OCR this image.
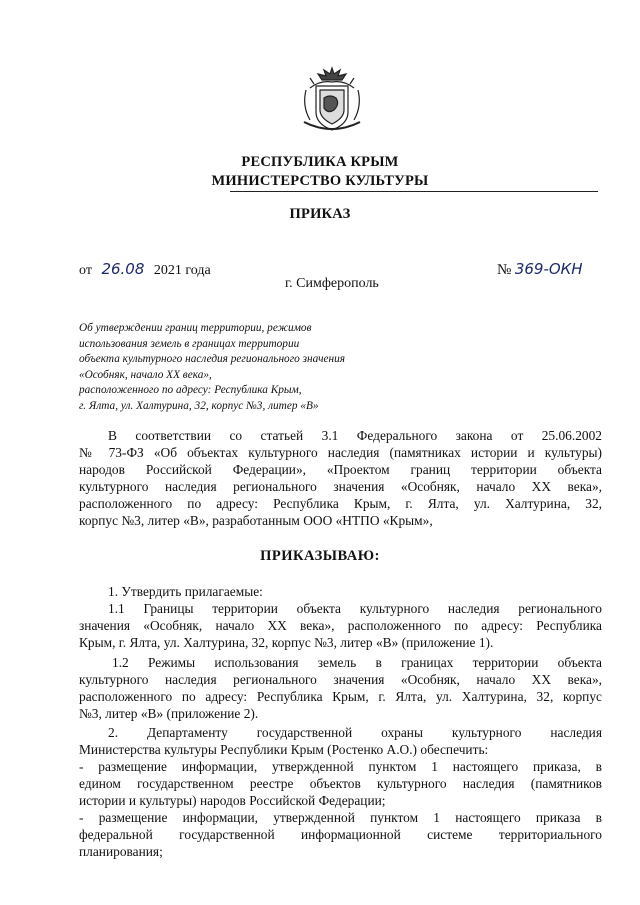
РЕСПУБЛИКА КРЫМ
МИНИСТЕРСТВО КУЛЬТУРЫ
ПРИКАЗ
от 26.08 2021 года	№ 369-ОКН
г. Симферополь
Об утверждении границ территории, режимов
использования земель в границах территории
объекта культурного наследия регионального значения
«Особняк, начало XX века»,
расположенного по адресу: Республика Крым,
г. Ялта, ул. Халтурина, 32, корпус №3, литер «В»
В соответствии со статьей 3.1 Федерального закона от 25.06.2002
№ 73-ФЗ «Об объектах культурного наследия (памятниках истории и культуры)
народов Российской Федерации», «Проектом границ территории объекта
культурного наследия регионального значения «Особняк, начало XX века»,
расположенного по адресу: Республика Крым, г. Ялта, ул. Халтурина, 32,
корпус №3, литер «В», разработанным ООО «НТПО «Крым»,
ПРИКАЗЫВАЮ:
1. Утвердить прилагаемые:
1.1 Границы территории объекта культурного наследия регионального
значения «Особняк, начало XX века», расположенного по адресу: Республика
Крым, г. Ялта, ул. Халтурина, 32, корпус №3, литер «В» (приложение 1).
1.2 Режимы использования земель в границах территории объекта
культурного наследия регионального значения «Особняк, начало XX века»,
расположенного по адресу: Республика Крым, г. Ялта, ул. Халтурина, 32, корпус
№3, литер «В» (приложение 2).
2. Департаменту государственной охраны культурного наследия
Министерства культуры Республики Крым (Ростенко А.О.) обеспечить:
- размещение информации, утвержденной пунктом 1 настоящего приказа, в
едином государственном реестре объектов культурного наследия (памятников
истории и культуры) народов Российской Федерации;
- размещение информации, утвержденной пунктом 1 настоящего приказа в
федеральной государственной информационной системе территориального
планирования;
